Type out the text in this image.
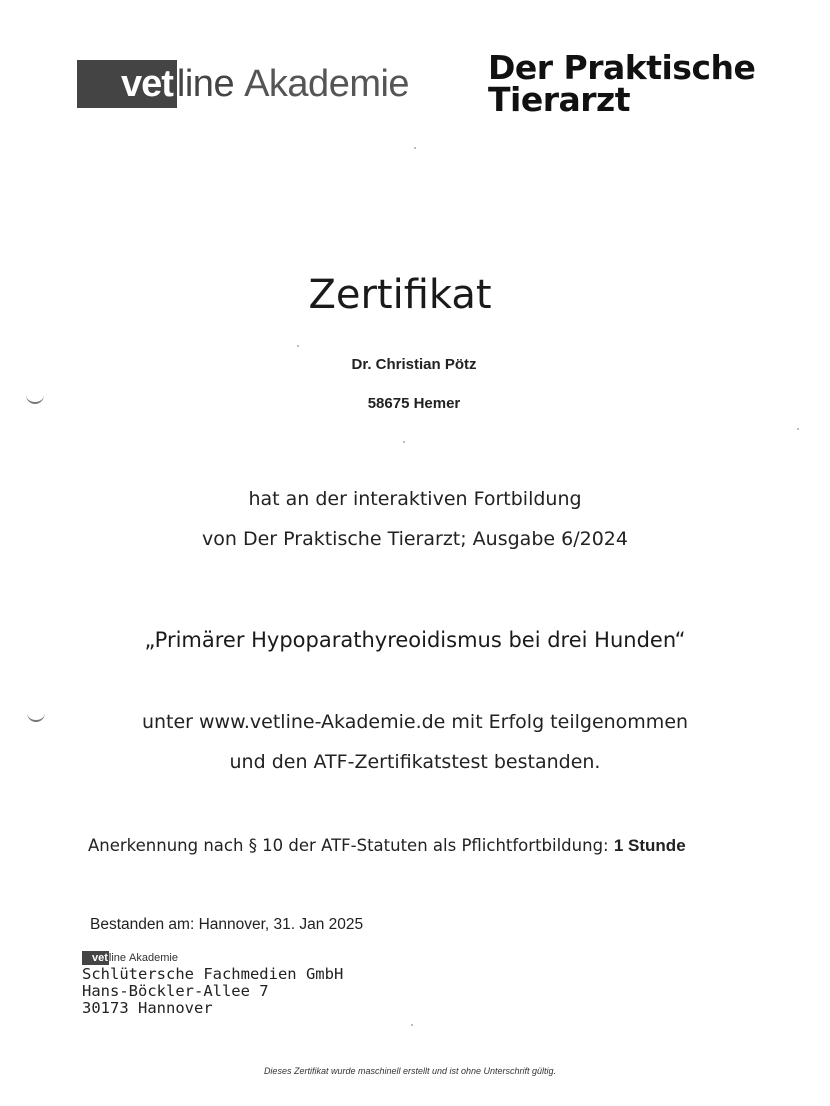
vet line Akademie Der Praktische
Tierarzt
Zertifikat
Dr. Christian Pötz
58675 Hemer
hat an der interaktiven Fortbildung
von Der Praktische Tierarzt; Ausgabe 6/2024
„Primärer Hypoparathyreoidismus bei drei Hunden“
unter www.vetline-Akademie.de mit Erfolg teilgenommen
und den ATF-Zertifikatstest bestanden.
Anerkennung nach § 10 der ATF-Statuten als Pflichtfortbildung: 1 Stunde
Bestanden am: Hannover, 31. Jan 2025
vet line Akademie
Schlütersche Fachmedien GmbH
Hans-Böckler-Allee 7
30173 Hannover
Dieses Zertifikat wurde maschinell erstellt und ist ohne Unterschrift gültig.
